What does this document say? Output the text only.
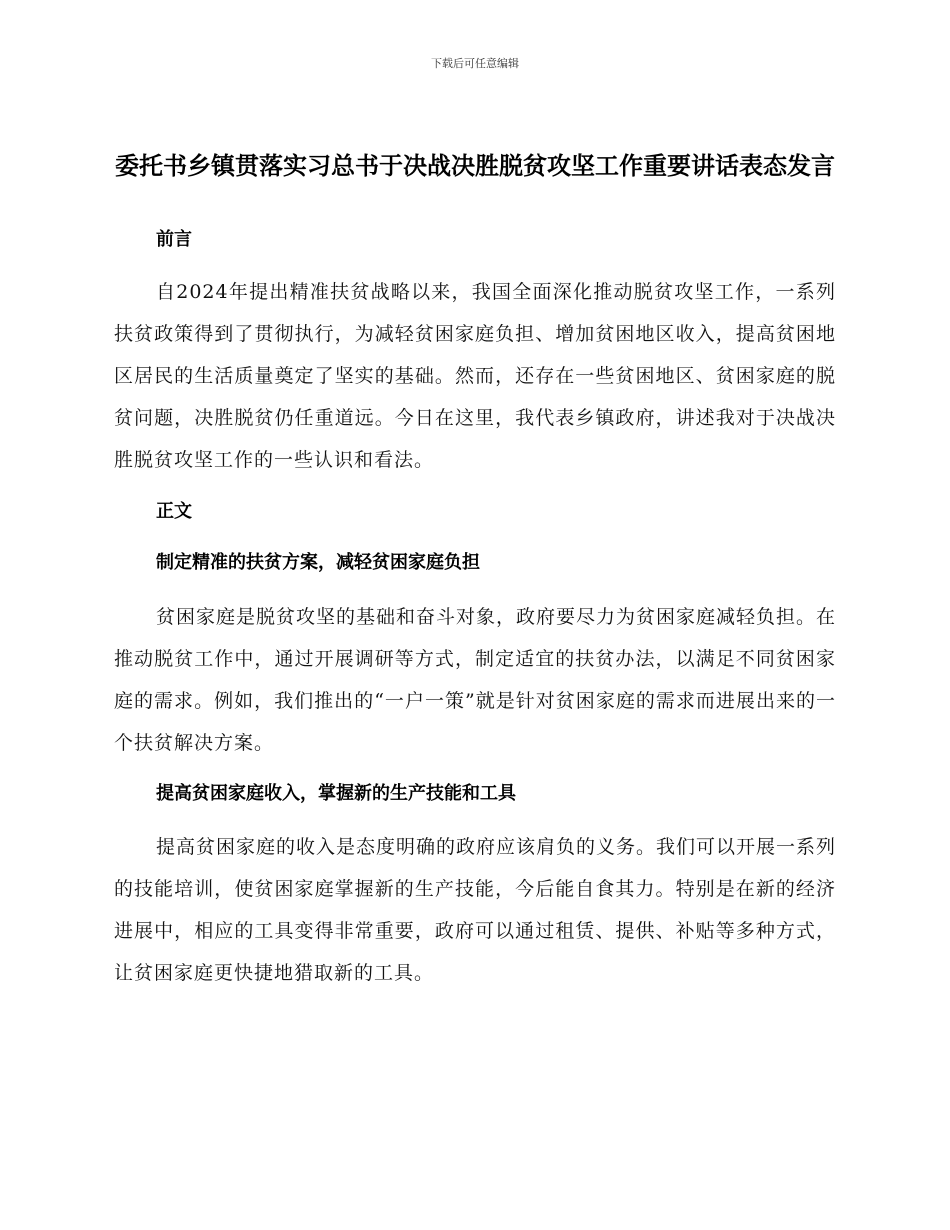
下载后可任意编辑
委托书乡镇贯落实习总书于决战决胜脱贫攻坚工作重要讲话表态发言

前言

自2024年提出精准扶贫战略以来，我国全面深化推动脱贫攻坚工作，一系列扶贫政策得到了贯彻执行，为减轻贫困家庭负担、增加贫困地区收入，提高贫困地区居民的生活质量奠定了坚实的基础。然而，还存在一些贫困地区、贫困家庭的脱贫问题，决胜脱贫仍任重道远。今日在这里，我代表乡镇政府，讲述我对于决战决胜脱贫攻坚工作的一些认识和看法。

正文

制定精准的扶贫方案，减轻贫困家庭负担

贫困家庭是脱贫攻坚的基础和奋斗对象，政府要尽力为贫困家庭减轻负担。在推动脱贫工作中，通过开展调研等方式，制定适宜的扶贫办法，以满足不同贫困家庭的需求。例如，我们推出的“一户一策”就是针对贫困家庭的需求而进展出来的一个扶贫解决方案。

提高贫困家庭收入，掌握新的生产技能和工具

提高贫困家庭的收入是态度明确的政府应该肩负的义务。我们可以开展一系列的技能培训，使贫困家庭掌握新的生产技能，今后能自食其力。特别是在新的经济进展中，相应的工具变得非常重要，政府可以通过租赁、提供、补贴等多种方式，让贫困家庭更快捷地猎取新的工具。
